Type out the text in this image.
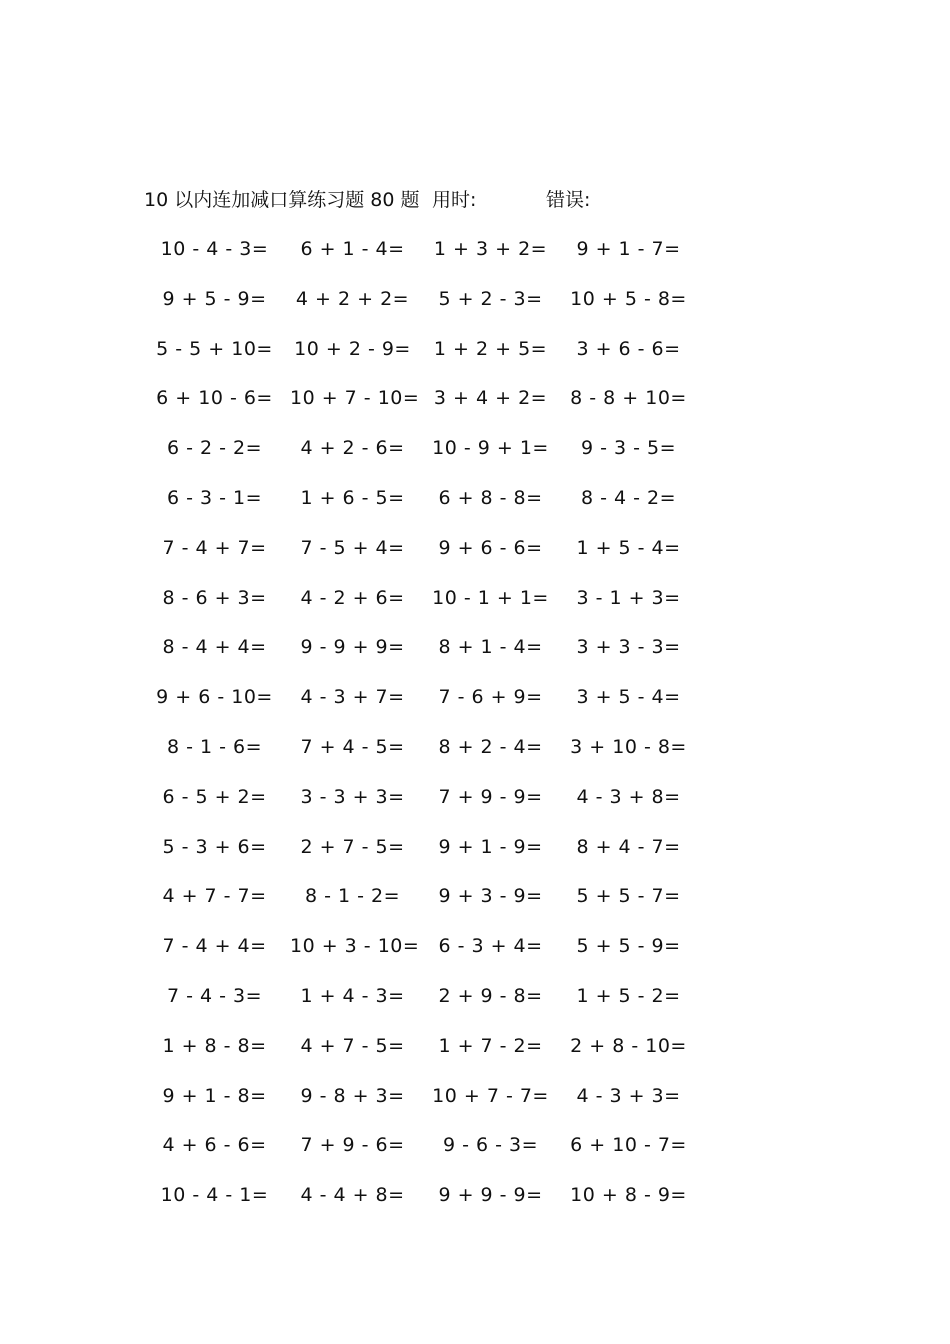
10 以内连加减口算练习题 80 题 用时:	错误:
10 - 4 - 3=	6 + 1 - 4=	1 + 3 + 2=	9 + 1 - 7=
9 + 5 - 9=	4 + 2 + 2=	5 + 2 - 3=	10 + 5 - 8=
5 - 5 + 10= 10 + 2 - 9=	1 + 2 + 5=	3 + 6 - 6=
6 + 10 - 6= 10 + 7 - 10= 3 + 4 + 2=	8 - 8 + 10=
6 - 2 - 2=	4 + 2 - 6=	10 - 9 + 1=	9 - 3 - 5=
6 - 3 - 1=	1 + 6 - 5=	6 + 8 - 8=	8 - 4 - 2=
7 - 4 + 7=	7 - 5 + 4=	9 + 6 - 6=	1 + 5 - 4=
8 - 6 + 3=	4 - 2 + 6=	10 - 1 + 1=	3 - 1 + 3=
8 - 4 + 4=	9 - 9 + 9=	8 + 1 - 4=	3 + 3 - 3=
9 + 6 - 10=	4 - 3 + 7=	7 - 6 + 9=	3 + 5 - 4=
8 - 1 - 6=	7 + 4 - 5=	8 + 2 - 4=	3 + 10 - 8=
6 - 5 + 2=	3 - 3 + 3=	7 + 9 - 9=	4 - 3 + 8=
5 - 3 + 6=	2 + 7 - 5=	9 + 1 - 9=	8 + 4 - 7=
4 + 7 - 7=	8 - 1 - 2=	9 + 3 - 9=	5 + 5 - 7=
7 - 4 + 4=	10 + 3 - 10=	6 - 3 + 4=	5 + 5 - 9=
7 - 4 - 3=	1 + 4 - 3=	2 + 9 - 8=	1 + 5 - 2=
1 + 8 - 8=	4 + 7 - 5=	1 + 7 - 2=	2 + 8 - 10=
9 + 1 - 8=	9 - 8 + 3=	10 + 7 - 7=	4 - 3 + 3=
4 + 6 - 6=	7 + 9 - 6=	9 - 6 - 3=	6 + 10 - 7=
10 - 4 - 1=	4 - 4 + 8=	9 + 9 - 9=	10 + 8 - 9=
